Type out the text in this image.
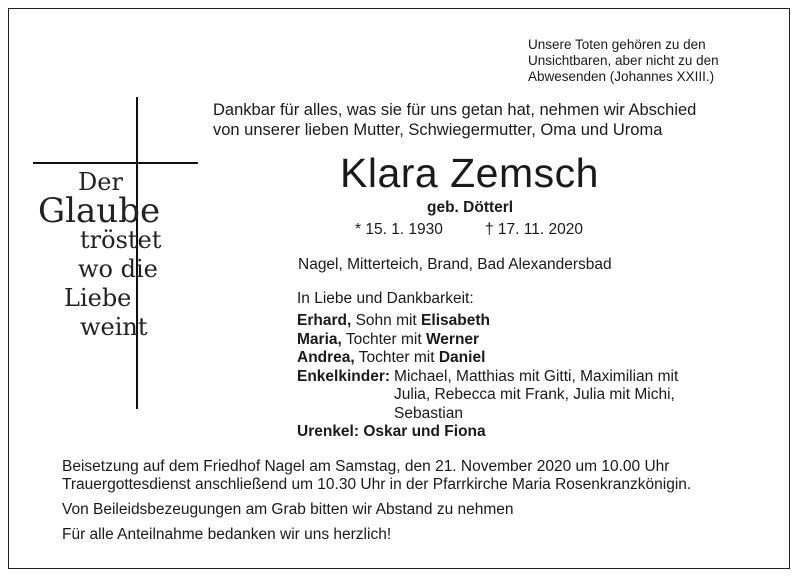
Unsere Toten gehören zu den
Unsichtbaren, aber nicht zu den
Abwesenden (Johannes XXIII.)
Dankbar für alles, was sie für uns getan hat, nehmen wir Abschied
von unserer lieben Mutter, Schwiegermutter, Oma und Uroma
Der
Glaube
tröstet
wo die
Liebe
weint
Klara Zemsch
geb. Dötterl
* 15. 1. 1930	† 17. 11. 2020
Nagel, Mitterteich, Brand, Bad Alexandersbad
In Liebe und Dankbarkeit:
Erhard, Sohn mit Elisabeth
Maria, Tochter mit Werner
Andrea, Tochter mit Daniel
Enkelkinder: Michael, Matthias mit Gitti, Maximilian mit
Julia, Rebecca mit Frank, Julia mit Michi,
Sebastian
Urenkel: Oskar und Fiona
Beisetzung auf dem Friedhof Nagel am Samstag, den 21. November 2020 um 10.00 Uhr
Trauergottesdienst anschließend um 10.30 Uhr in der Pfarrkirche Maria Rosenkranzkönigin.
Von Beileidsbezeugungen am Grab bitten wir Abstand zu nehmen
Für alle Anteilnahme bedanken wir uns herzlich!
